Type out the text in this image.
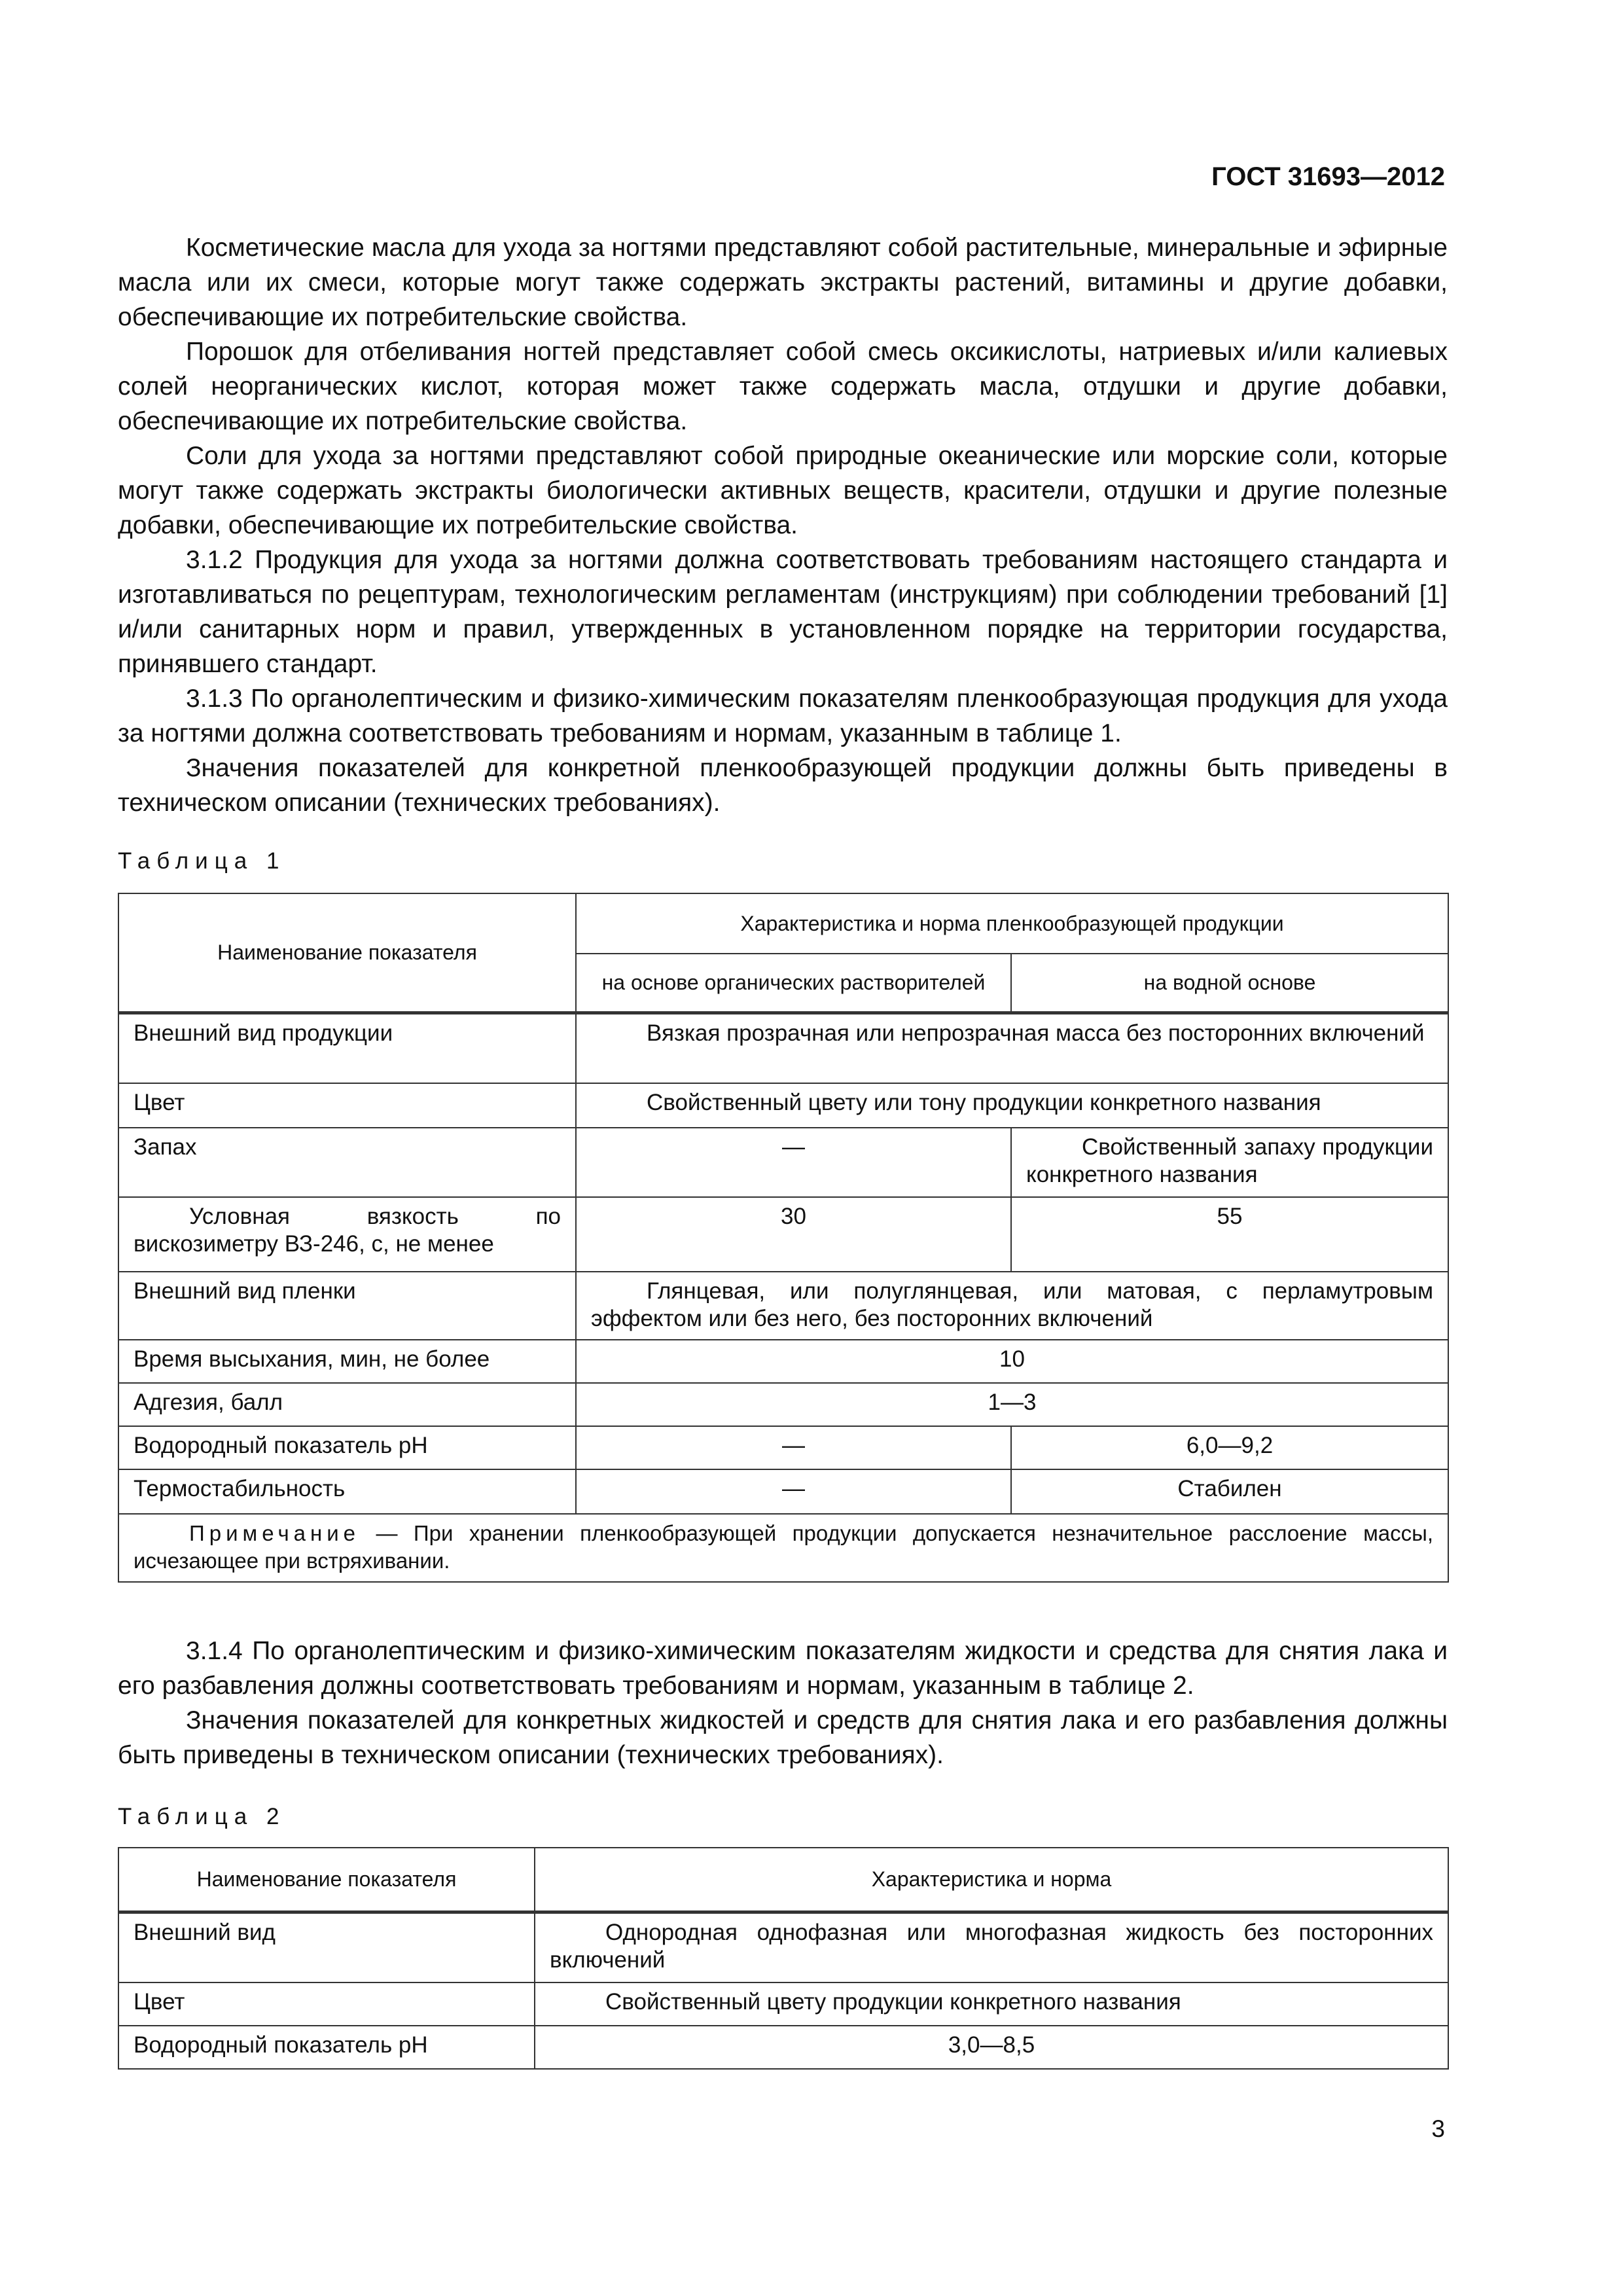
ГОСТ 31693—2012

Косметические масла для ухода за ногтями представляют собой растительные, минеральные и эфирные масла или их смеси, которые могут также содержать экстракты растений, витамины и другие добавки, обеспечивающие их потребительские свойства.

Порошок для отбеливания ногтей представляет собой смесь оксикислоты, натриевых и/или калиевых солей неорганических кислот, которая может также содержать масла, отдушки и другие добавки, обеспечивающие их потребительские свойства.

Соли для ухода за ногтями представляют собой природные океанические или морские соли, которые могут также содержать экстракты биологически активных веществ, красители, отдушки и другие полезные добавки, обеспечивающие их потребительские свойства.

3.1.2 Продукция для ухода за ногтями должна соответствовать требованиям настоящего стандарта и изготавливаться по рецептурам, технологическим регламентам (инструкциям) при соблюдении требований [1] и/или санитарных норм и правил, утвержденных в установленном порядке на территории государства, принявшего стандарт.

3.1.3 По органолептическим и физико-химическим показателям пленкообразующая продукция для ухода за ногтями должна соответствовать требованиям и нормам, указанным в таблице 1.

Значения показателей для конкретной пленкообразующей продукции должны быть приведены в техническом описании (технических требованиях).

Таблица 1
Наименование показателя	Характеристика и норма пленкообразующей продукции	
	на основе органических растворителей	на водной основе
Внешний вид продукции	Вязкая прозрачная или непрозрачная масса без посторонних включений	
Цвет	Свойственный цвету или тону продукции конкретного названия	
Запах	—	Свойственный запаху продукции конкретного названия
Условная вязкость по вискозиметру ВЗ-246, с, не менее	30	55
Внешний вид пленки	Глянцевая, или полуглянцевая, или матовая, с перламутровым эффектом или без него, без посторонних включений	
Время высыхания, мин, не более	10	
Адгезия, балл	1—3	
Водородный показатель рН	—	6,0—9,2
Термостабильность	—	Стабилен
Примечание — При хранении пленкообразующей продукции допускается незначительное расслоение массы, исчезающее при встряхивании.		

3.1.4 По органолептическим и физико-химическим показателям жидкости и средства для снятия лака и его разбавления должны соответствовать требованиям и нормам, указанным в таблице 2.

Значения показателей для конкретных жидкостей и средств для снятия лака и его разбавления должны быть приведены в техническом описании (технических требованиях).

Таблица 2
Наименование показателя	Характеристика и норма
Внешний вид	Однородная однофазная или многофазная жидкость без посторонних включений
Цвет	Свойственный цвету продукции конкретного названия
Водородный показатель рН	3,0—8,5
3
